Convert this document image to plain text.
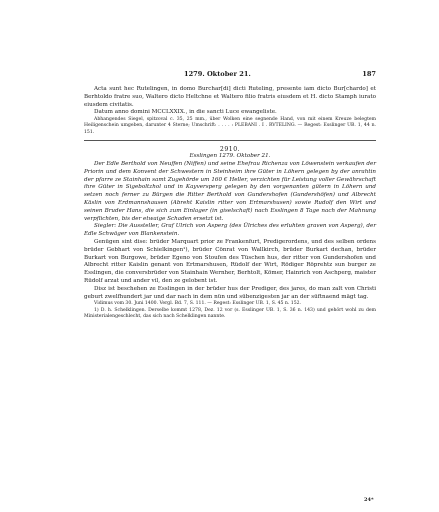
1279. Oktober 21.	187

Acta sunt hec Rutelingen, in domo Burchar[di] dicti Ruteling, presente iam dicto Bur[chardo] et Berhtoldo fratre suo, Waltero dicto Heltchne et Waltero filio fratris eiusdem et H. dicto Stamph iurato eiusdem civitatis.

Datum anno domini MCCLXXIX., in die sancti Luce ewangeliste.

Abhangendes Siegel, spitzoval c. 35, 25 mm., über Wolken eine segnende Hand, von mit einem Kreuze belegtem Heiligenschein umgeben, darunter 4 Sterne; Umschrift: . . . . : PLEBANI . I . RVTELING. — Regest: Esslinger UB. 1, 44 n. 151.

2910.

Esslingen 1279. Oktober 21.

Der Edle Berthold von Neuffen (Niffen) und seine Ehefrau Richenza von Löwenstein verkaufen der Priorin und dem Konvent der Schwestern in Steinheim ihre Güter in Löhern gelegen by der anrahtin der pfarre ze Stainhain samt Zugehörde um 160 € Heller, verzichten für Leistung voller Gewährschaft ihre Güter in Sigeboltzhol und in Kayversperg gelegen by den vorgenanten gütern in Löhern und setzen noch ferner zu Bürgen die Ritter Berthold von Gundershofen (Gundershöfen) und Albrecht Käslin von Erdmannshausen (Abreht Kaislin ritter von Ertmarshusen) sowie Rudolf den Wirt und seinen Bruder Hans, die sich zum Einlager (in giselschaft) nach Esslingen 8 Tage nach der Mahnung verpflichten, bis der etwaige Schaden ersetzt ist.

Siegler: Die Aussteller, Graf Ulrich von Asperg (des Ülriches des erluhten graven von Asperg), der Edle Schwäger von Blankenstein.

Genügen sint dise: brüder Marquart prior ze Frankenfurt, Predigerordens, und des selben ordens brüder Gebhart von Schielkingen¹), brüder Cönrat von Wallkirch, brüder Burkart dechan, brüder Burkart von Burgowe, brüder Egeno von Stoufen des Tüschen hus, der ritter von Gundershofen und Albrecht ritter Kaislin genant von Ertmarshusen, Rüdolf der Wirt, Rödiger Röprehtz sun burger ze Esslingen, die conversbrüder von Stainhain Wernher, Berhtolt, Kömer, Hainrich von Aschperg, maister Rüdolf arzat und ander vil, den ze gelobent ist.

Disz ist beschehen ze Esslingen in der brüder hus der Prediger, des jares, do man zalt von Christi geburt zwelfhundert jar und dar nach in dem nün und sübenzigesten jar an der süftnaend mägt tag.

Vidimus vom 30. Juni 1400. Vergl. Bd. 7, S. 111. — Regest: Esslinger UB. 1, S. 45 n. 152.

1) D. h. Schelklingen. Derselbe kommt 1278, Dez. 12 vor (s. Esslinger UB. 1, S. 36 n. 143) und gehört wohl zu dem Ministerialengeschlecht, das sich nach Schelklingen nannte.

24*
